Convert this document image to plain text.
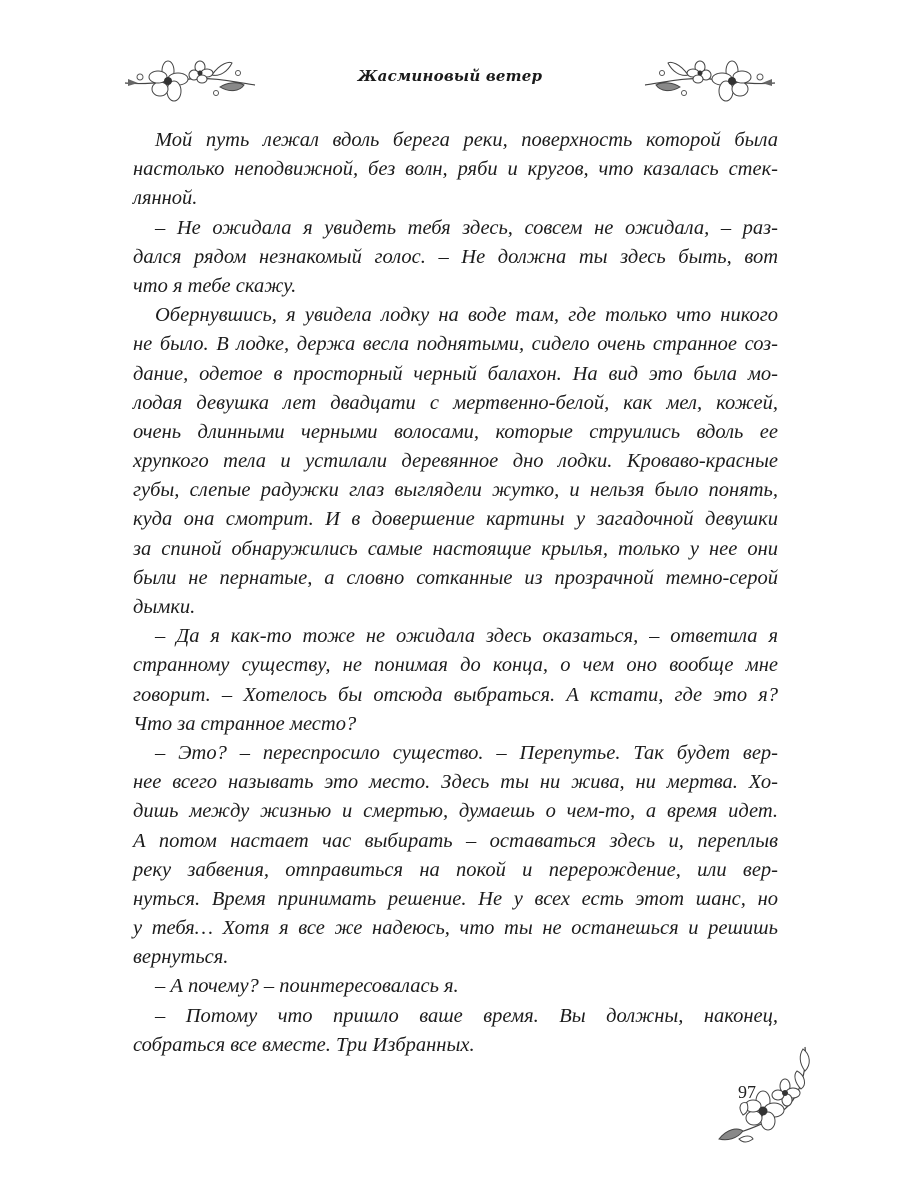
Жасминовый ветер
Мой путь лежал вдоль берега реки, поверхность которой была
настолько неподвижной, без волн, ряби и кругов, что казалась стек-
лянной.
– Не ожидала я увидеть тебя здесь, совсем не ожидала, – раз-
дался рядом незнакомый голос. – Не должна ты здесь быть, вот
что я тебе скажу.
Обернувшись, я увидела лодку на воде там, где только что никого
не было. В лодке, держа весла поднятыми, сидело очень странное соз-
дание, одетое в просторный черный балахон. На вид это была мо-
лодая девушка лет двадцати с мертвенно-белой, как мел, кожей,
очень длинными черными волосами, которые струились вдоль ее
хрупкого тела и устилали деревянное дно лодки. Кроваво-красные
губы, слепые радужки глаз выглядели жутко, и нельзя было понять,
куда она смотрит. И в довершение картины у загадочной девушки
за спиной обнаружились самые настоящие крылья, только у нее они
были не пернатые, а словно сотканные из прозрачной темно-серой
дымки.
– Да я как-то тоже не ожидала здесь оказаться, – ответила я
странному существу, не понимая до конца, о чем оно вообще мне
говорит. – Хотелось бы отсюда выбраться. А кстати, где это я?
Что за странное место?
– Это? – переспросило существо. – Перепутье. Так будет вер-
нее всего называть это место. Здесь ты ни жива, ни мертва. Хо-
дишь между жизнью и смертью, думаешь о чем-то, а время идет.
А потом настает час выбирать – оставаться здесь и, переплыв
реку забвения, отправиться на покой и перерождение, или вер-
нуться. Время принимать решение. Не у всех есть этот шанс, но
у тебя… Хотя я все же надеюсь, что ты не останешься и решишь
вернуться.
– А почему? – поинтересовалась я.
– Потому что пришло ваше время. Вы должны, наконец,
собраться все вместе. Три Избранных.
97
